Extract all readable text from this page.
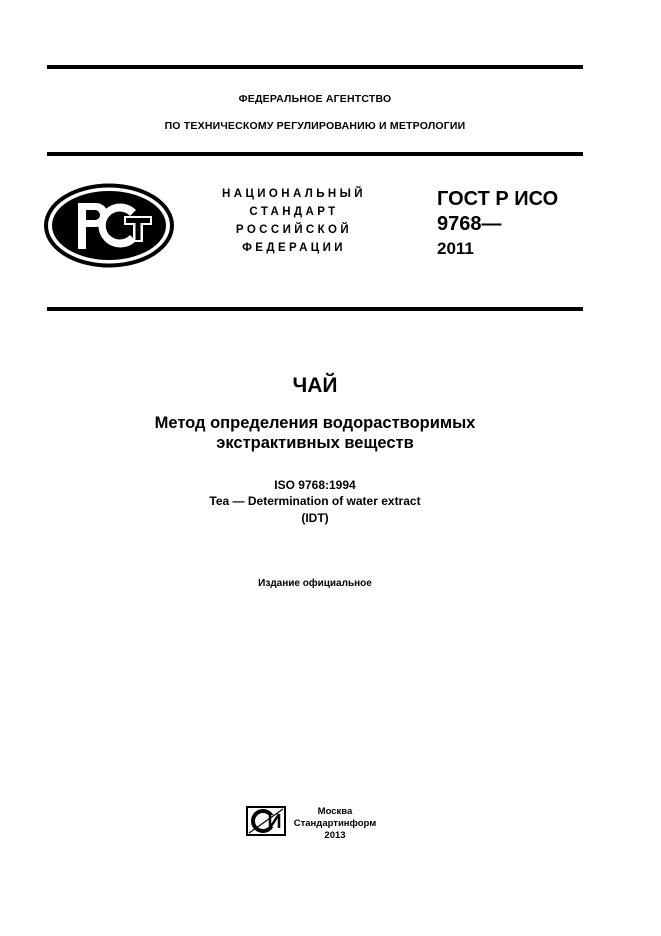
ФЕДЕРАЛЬНОЕ АГЕНТСТВО
ПО ТЕХНИЧЕСКОМУ РЕГУЛИРОВАНИЮ И МЕТРОЛОГИИ
НАЦИОНАЛЬНЫЙ
СТАНДАРТ
РОССИЙСКОЙ
ФЕДЕРАЦИИ
ГОСТ Р ИСО
9768—
2011
ЧАЙ
Метод определения водорастворимых
экстрактивных веществ
ISO 9768:1994
Tea — Determination of water extract
(IDT)
Издание официальное
Москва
Стандартинформ
2013
